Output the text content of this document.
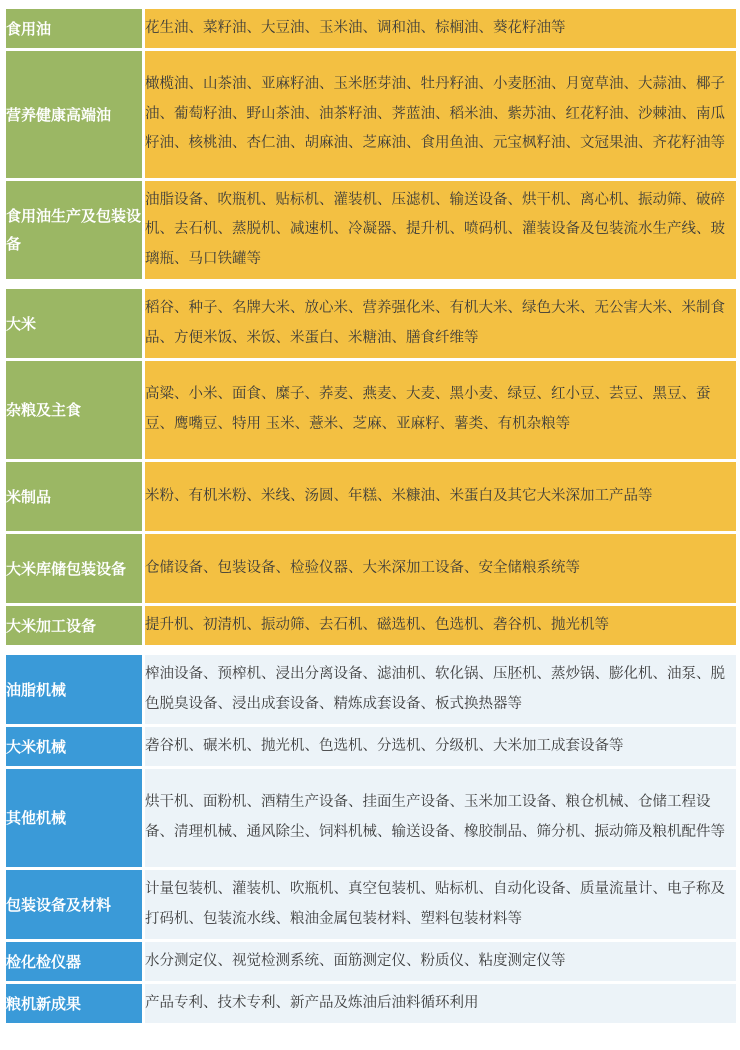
食用油	花生油、菜籽油、大豆油、玉米油、调和油、棕榈油、葵花籽油等
营养健康高端油	橄榄油、山茶油、亚麻籽油、玉米胚芽油、牡丹籽油、小麦胚油、月宽草油、大蒜油、椰子油、葡萄籽油、野山茶油、油茶籽油、荠蓝油、稻米油、紫苏油、红花籽油、沙棘油、南瓜籽油、核桃油、杏仁油、胡麻油、芝麻油、食用鱼油、元宝枫籽油、文冠果油、齐花籽油等
食用油生产及包装设备	油脂设备、吹瓶机、贴标机、灌装机、压滤机、输送设备、烘干机、离心机、振动筛、破碎机、去石机、蒸脱机、减速机、冷凝器、提升机、喷码机、灌装设备及包装流水生产线、玻璃瓶、马口铁罐等
大米	稻谷、种子、名牌大米、放心米、营养强化米、有机大米、绿色大米、无公害大米、米制食品、方便米饭、米饭、米蛋白、米糖油、膳食纤维等
杂粮及主食	高粱、小米、面食、糜子、荞麦、燕麦、大麦、黑小麦、绿豆、红小豆、芸豆、黑豆、蚕豆、鹰嘴豆、特用 玉米、薏米、芝麻、亚麻籽、薯类、有机杂粮等
米制品	米粉、有机米粉、米线、汤圆、年糕、米糠油、米蛋白及其它大米深加工产品等
大米库储包装设备	仓储设备、包装设备、检验仪器、大米深加工设备、安全储粮系统等
大米加工设备	提升机、初清机、振动筛、去石机、磁选机、色选机、砻谷机、抛光机等
油脂机械	榨油设备、预榨机、浸出分离设备、滤油机、软化锅、压胚机、蒸炒锅、膨化机、油泵、脱色脱臭设备、浸出成套设备、精炼成套设备、板式换热器等
大米机械	砻谷机、碾米机、抛光机、色选机、分选机、分级机、大米加工成套设备等
其他机械	烘干机、面粉机、酒精生产设备、挂面生产设备、玉米加工设备、粮仓机械、仓储工程设备、清理机械、通风除尘、饲料机械、输送设备、橡胶制品、筛分机、振动筛及粮机配件等
包装设备及材料	计量包装机、灌装机、吹瓶机、真空包装机、贴标机、自动化设备、质量流量计、电子称及打码机、包装流水线、粮油金属包装材料、塑料包装材料等
检化检仪器	水分测定仪、视觉检测系统、面筋测定仪、粉质仪、粘度测定仪等
粮机新成果	产品专利、技术专利、新产品及炼油后油料循环利用
